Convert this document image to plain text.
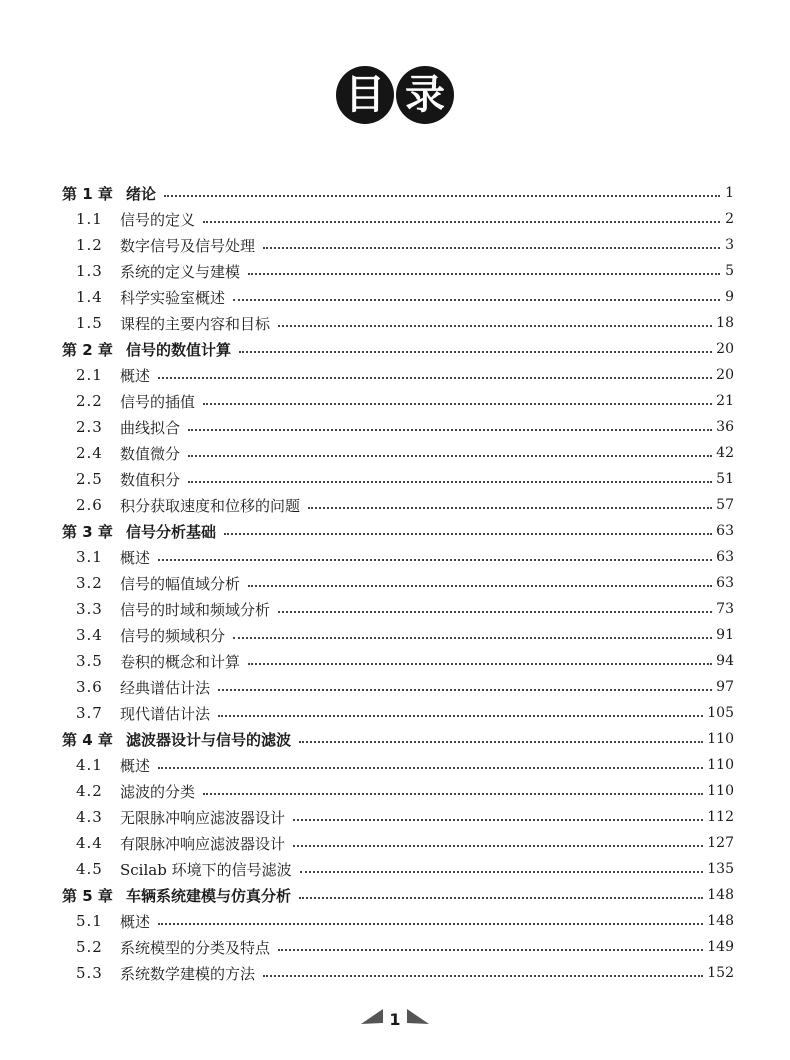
目 录
第 1 章 绪论	1
1.1	信号的定义	2
1.2	数字信号及信号处理	3
1.3	系统的定义与建模	5
1.4	科学实验室概述	9
1.5	课程的主要内容和目标	18
第 2 章 信号的数值计算	20
2.1	概述	20
2.2	信号的插值	21
2.3	曲线拟合	36
2.4	数值微分	42
2.5	数值积分	51
2.6	积分获取速度和位移的问题	57
第 3 章 信号分析基础	63
3.1	概述	63
3.2	信号的幅值域分析	63
3.3	信号的时域和频域分析	73
3.4	信号的频域积分	91
3.5	卷积的概念和计算	94
3.6	经典谱估计法	97
3.7	现代谱估计法	105
第 4 章 滤波器设计与信号的滤波	110
4.1	概述	110
4.2	滤波的分类	110
4.3	无限脉冲响应滤波器设计	112
4.4	有限脉冲响应滤波器设计	127
4.5	Scilab 环境下的信号滤波	135
第 5 章 车辆系统建模与仿真分析	148
5.1	概述	148
5.2	系统模型的分类及特点	149
5.3	系统数学建模的方法	152
1
